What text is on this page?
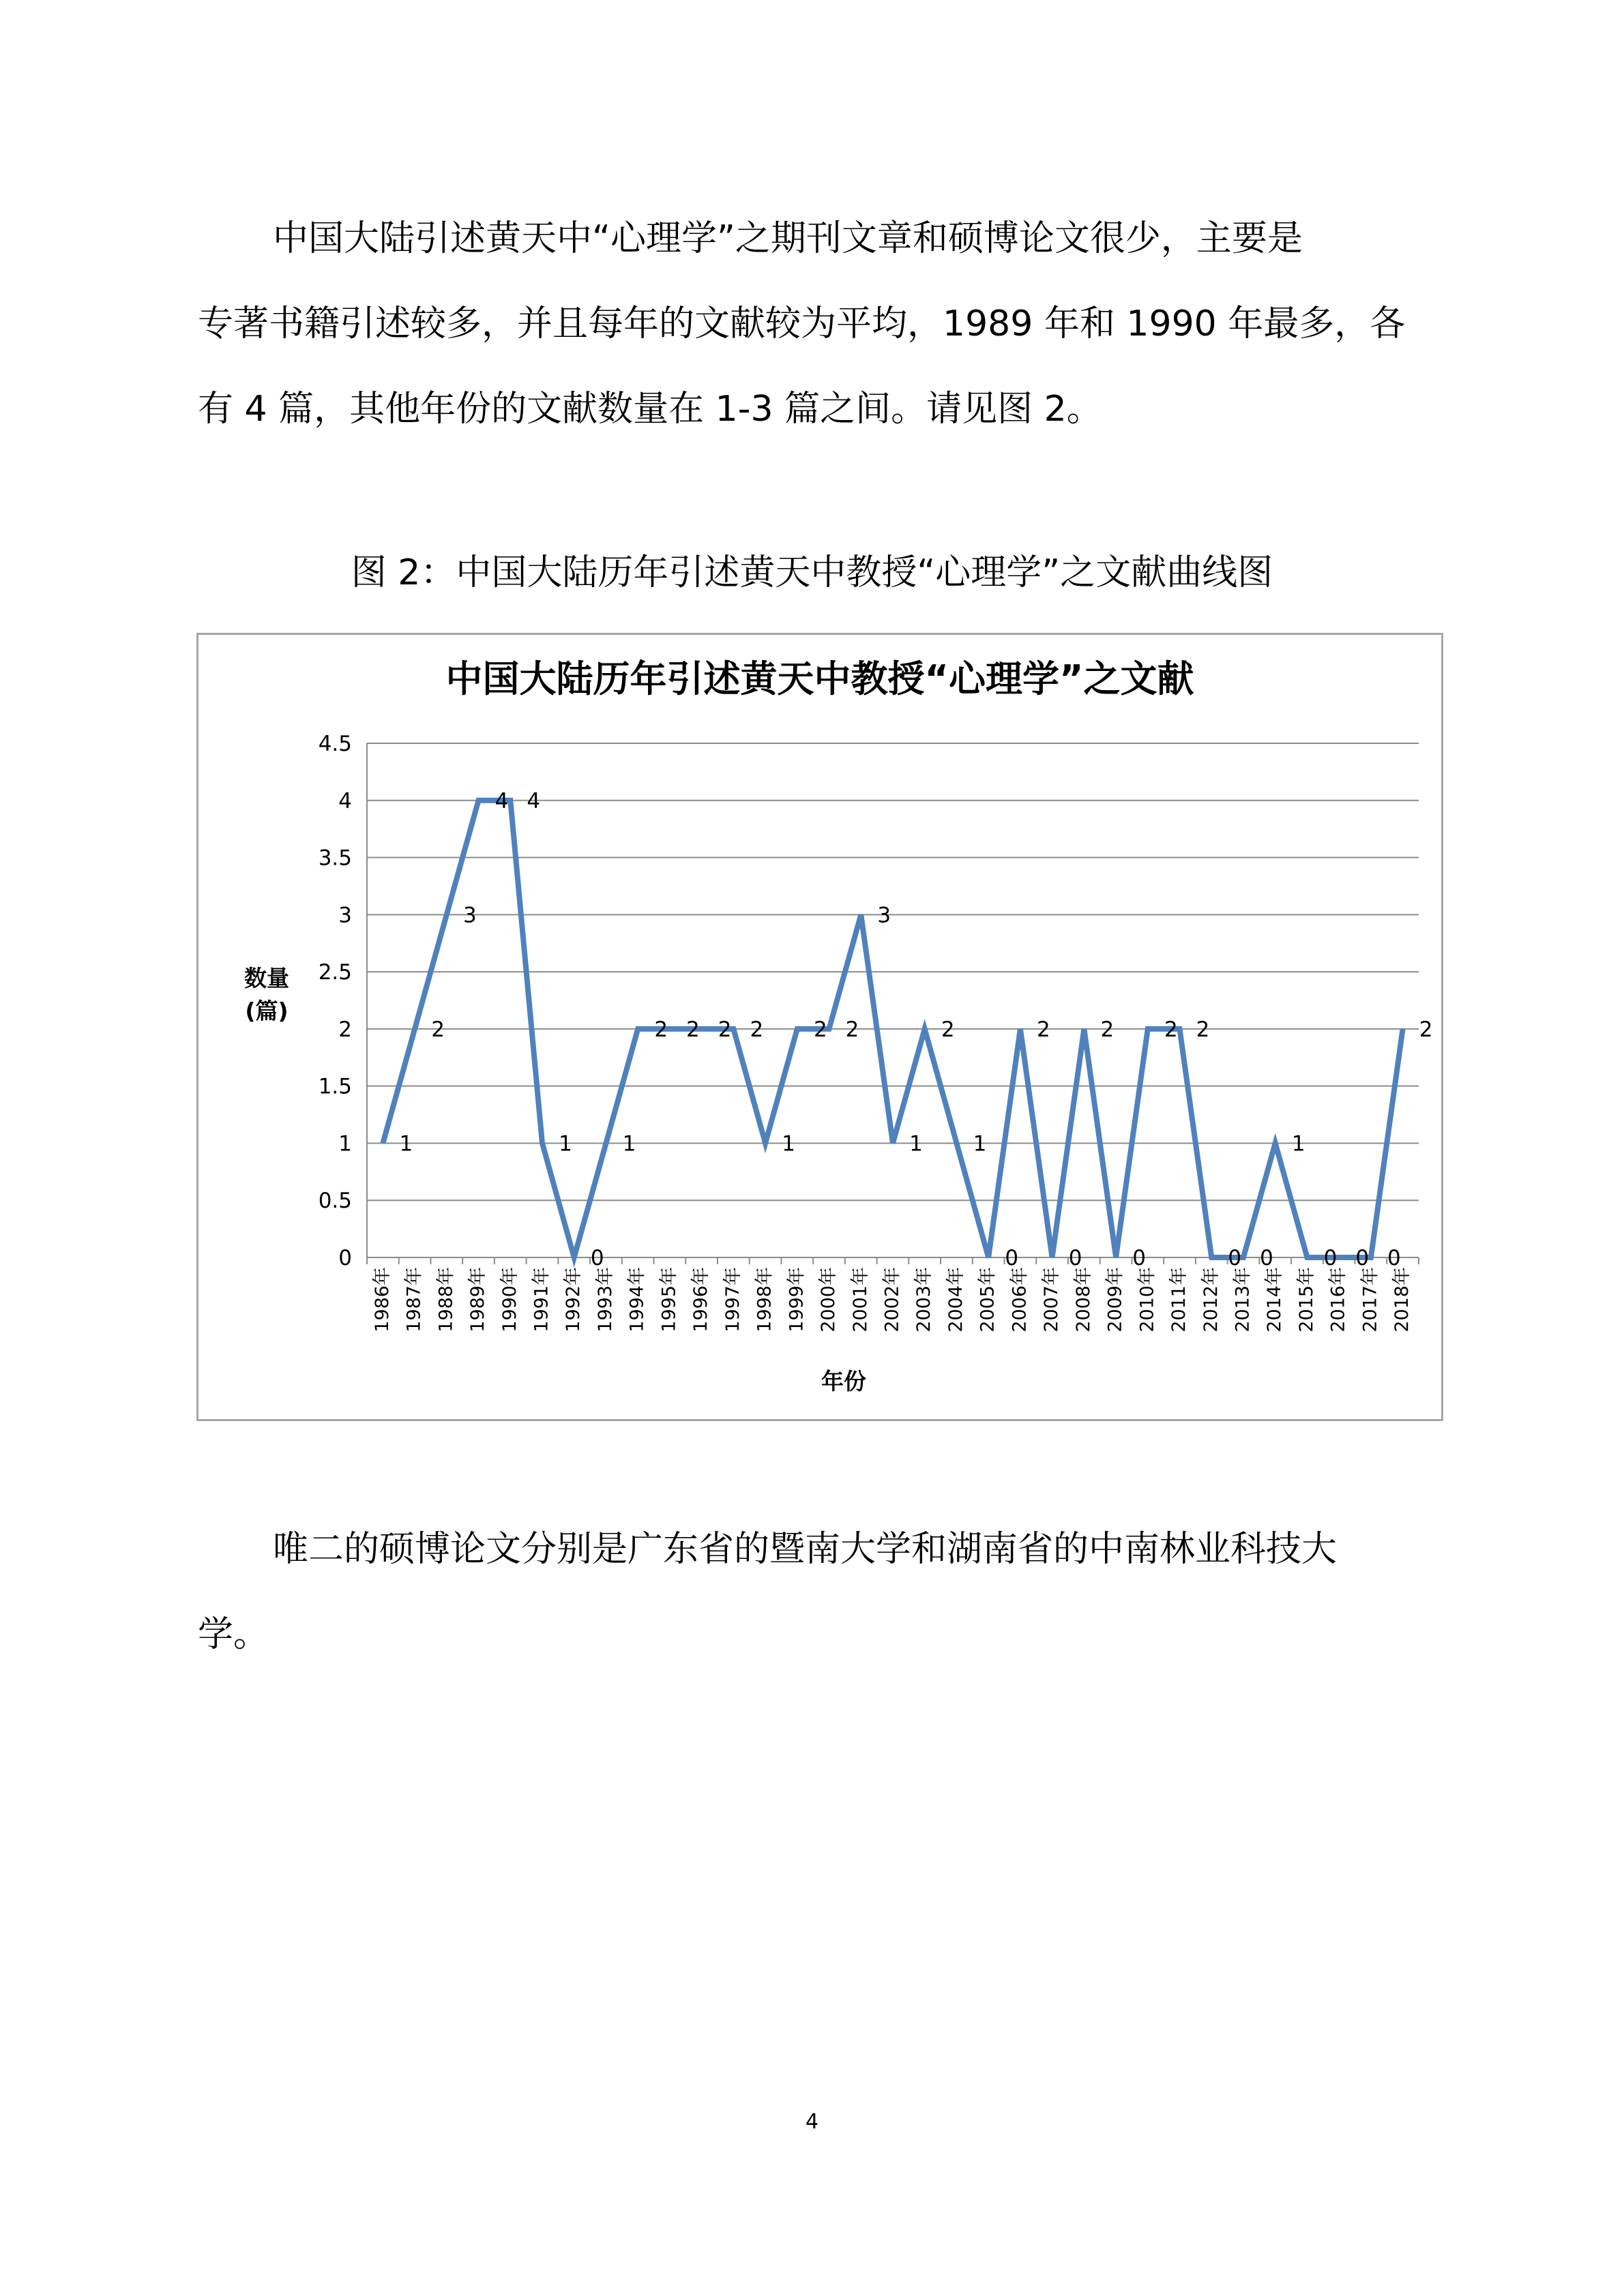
中国大陆引述黄天中“心理学”之期刊文章和硕博论文很少，主要是

专著书籍引述较多，并且每年的文献较为平均，1989 年和 1990 年最多，各

有 4 篇，其他年份的文献数量在 1-3 篇之间。请见图 2。

图 2：中国大陆历年引述黄天中教授“心理学”之文献曲线图
中国大陆历年引述黄天中教授“心理学”之文献
0
0.5
1
1.5
2
2.5
3
3.5
4
4.5
1986年 1987年 1988年 1989年 1990年 1991年 1992年 1993年 1994年 1995年 1996年 1997年 1998年 1999年 2000年 2001年 2002年 2003年 2004年 2005年 2006年 2007年 2008年 2009年 2010年 2011年 2012年 2013年 2014年 2015年 2016年 2017年 2018年
1
2
3
4 4
1
0
1
2 2 2 2
1
2 2
3
1
2
1
0
2
0
2
0
2 2
0 0
1
0 0 0
2
数量
(篇)
年份

唯二的硕博论文分别是广东省的暨南大学和湖南省的中南林业科技大

学。

4
